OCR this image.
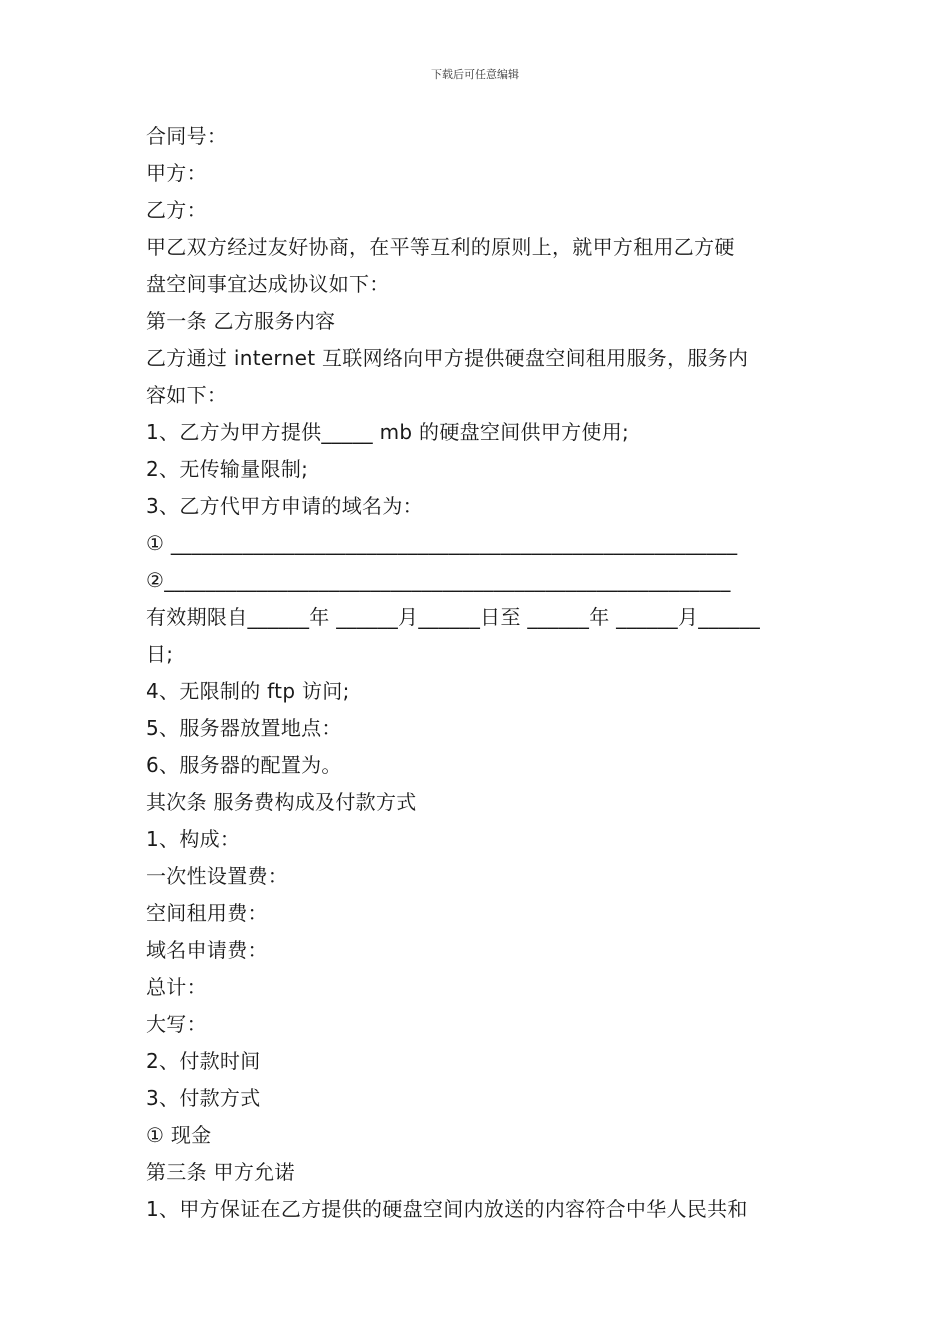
下载后可任意编辑
合同号：
甲方：
乙方：
甲乙双方经过友好协商，在平等互利的原则上，就甲方租用乙方硬
盘空间事宜达成协议如下：
第一条 乙方服务内容
乙方通过 internet 互联网络向甲方提供硬盘空间租用服务，服务内
容如下：
1、乙方为甲方提供_____ mb 的硬盘空间供甲方使用;
2、无传输量限制;
3、乙方代甲方申请的域名为：
① _______________________________________________________
②_______________________________________________________
有效期限自______年 ______月______日至 ______年 ______月______
日;
4、无限制的 ftp 访问;
5、服务器放置地点：
6、服务器的配置为。
其次条 服务费构成及付款方式
1、构成：
一次性设置费：
空间租用费：
域名申请费：
总计：
大写：
2、付款时间
3、付款方式
① 现金
第三条 甲方允诺
1、甲方保证在乙方提供的硬盘空间内放送的内容符合中华人民共和
